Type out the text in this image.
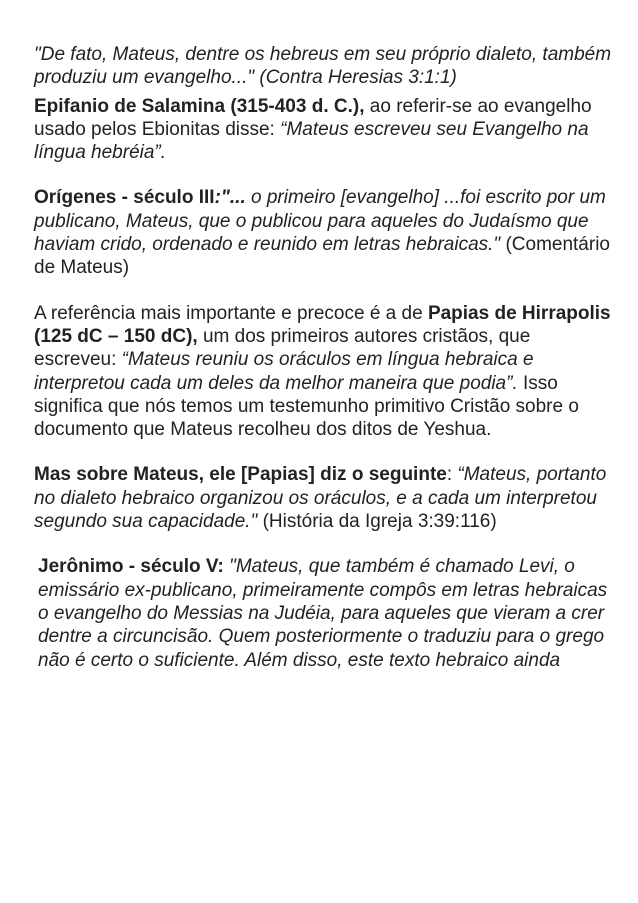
"De fato, Mateus, dentre os hebreus em seu próprio dialeto, também produziu um evangelho..." (Contra Heresias 3:1:1)

Epifanio de Salamina (315-403 d. C.), ao referir-se ao evangelho usado pelos Ebionitas disse: “Mateus escreveu seu Evangelho na língua hebréia”.

Orígenes - século III:"... o primeiro [evangelho] ...foi escrito por um publicano, Mateus, que o publicou para aqueles do Judaísmo que haviam crido, ordenado e reunido em letras hebraicas." (Comentário de Mateus)

A referência mais importante e precoce é a de Papias de Hirrapolis (125 dC – 150 dC), um dos primeiros autores cristãos, que escreveu: “Mateus reuniu os oráculos em língua hebraica e interpretou cada um deles da melhor maneira que podia”. Isso significa que nós temos um testemunho primitivo Cristão sobre o documento que Mateus recolheu dos ditos de Yeshua.

Mas sobre Mateus, ele [Papias] diz o seguinte: “Mateus, portanto no dialeto hebraico organizou os oráculos, e a cada um interpretou segundo sua capacidade." (História da Igreja 3:39:116)

Jerônimo - século V: "Mateus, que também é chamado Levi, o emissário ex-publicano, primeiramente compôs em letras hebraicas o evangelho do Messias na Judéia, para aqueles que vieram a crer dentre a circuncisão. Quem posteriormente o traduziu para o grego não é certo o suficiente. Além disso, este texto hebraico ainda
